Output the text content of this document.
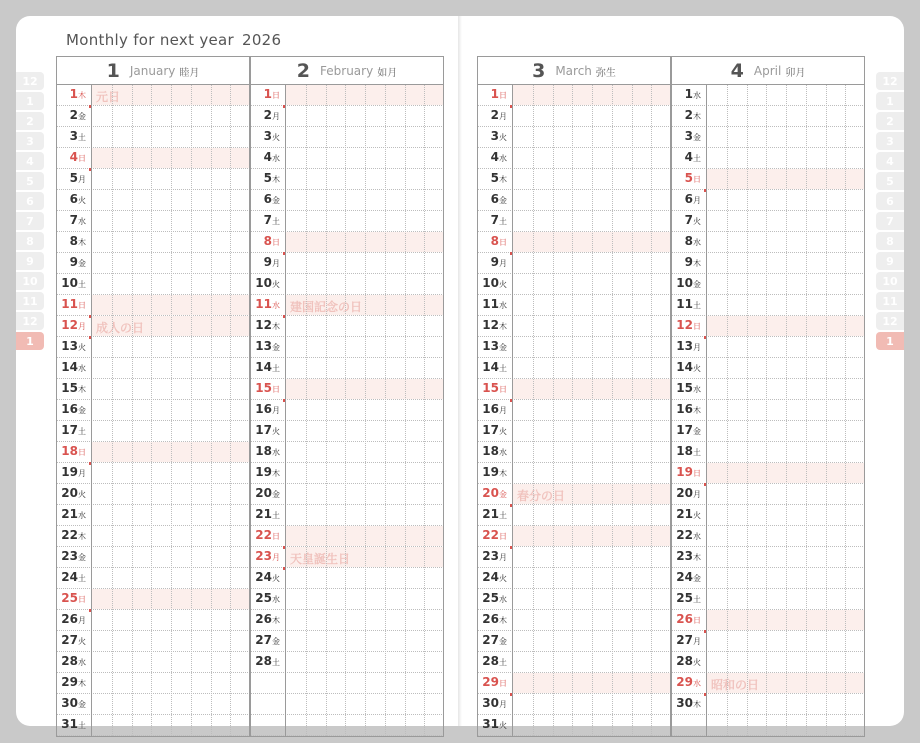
Monthly for next year 2026
12
1
2
3
4
5
6
7
8
9
10
11
12
1
12
1
2
3
4
5
6
7
8
9
10
11
12
1
1 January 睦月
1 木 元日
2 金
3 土
4 日
5 月
6 火
7 水
8 木
9 金
10 土
11 日
12 月 成人の日
13 火
14 水
15 木
16 金
17 土
18 日
19 月
20 火
21 水
22 木
23 金
24 土
25 日
26 月
27 火
28 水
29 木
30 金
31 土
2 February 如月
1 日
2 月
3 火
4 水
5 木
6 金
7 土
8 日
9 月
10 火
11 水 建国記念の日
12 木
13 金
14 土
15 日
16 月
17 火
18 水
19 木
20 金
21 土
22 日
23 月 天皇誕生日
24 火
25 水
26 木
27 金
28 土
3 March 弥生
1 日
2 月
3 火
4 水
5 木
6 金
7 土
8 日
9 月
10 火
11 水
12 木
13 金
14 土
15 日
16 月
17 火
18 水
19 木
20 金 春分の日
21 土
22 日
23 月
24 火
25 水
26 木
27 金
28 土
29 日
30 月
31 火
4 April 卯月
1 水
2 木
3 金
4 土
5 日
6 月
7 火
8 水
9 木
10 金
11 土
12 日
13 月
14 火
15 水
16 木
17 金
18 土
19 日
20 月
21 火
22 水
23 木
24 金
25 土
26 日
27 月
28 火
29 水 昭和の日
30 木
